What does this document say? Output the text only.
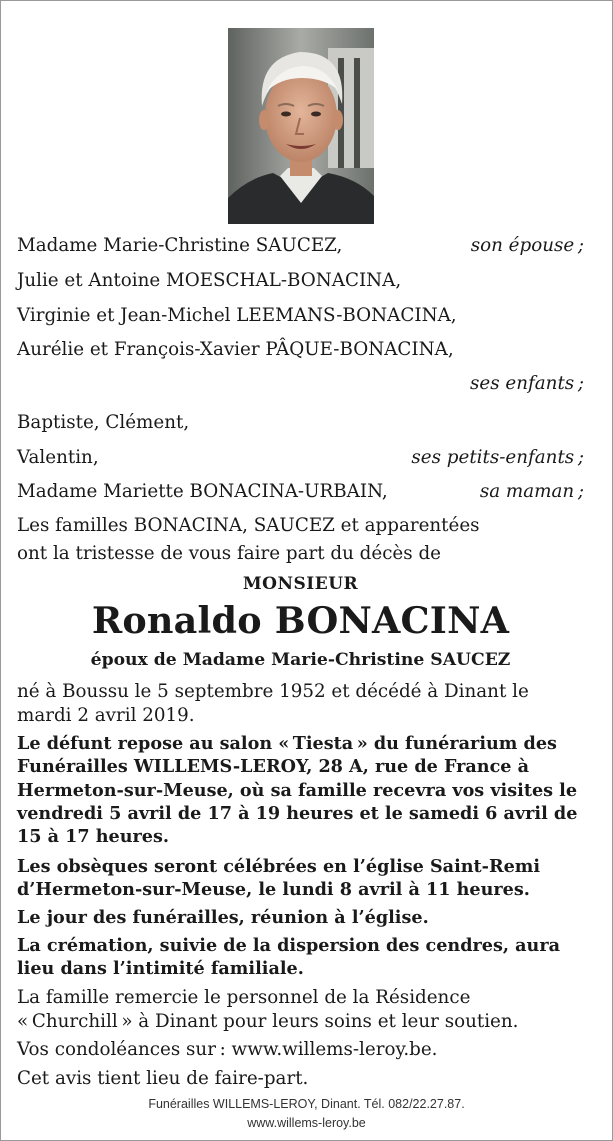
Madame Marie-Christine SAUCEZ,	son épouse ;
Julie et Antoine MOESCHAL-BONACINA,
Virginie et Jean-Michel LEEMANS-BONACINA,
Aurélie et François-Xavier PÂQUE-BONACINA,
ses enfants ;
Baptiste, Clément,
Valentin,	ses petits-enfants ;
Madame Mariette BONACINA-URBAIN,	sa maman ;
Les familles BONACINA, SAUCEZ et apparentées
ont la tristesse de vous faire part du décès de
MONSIEUR
Ronaldo BONACINA
époux de Madame Marie-Christine SAUCEZ
né à Boussu le 5 septembre 1952 et décédé à Dinant le mardi 2 avril 2019.
Le défunt repose au salon « Tiesta » du funérarium des Funérailles WILLEMS-LEROY, 28 A, rue de France à Hermeton-sur-Meuse, où sa famille recevra vos visites le vendredi 5 avril de 17 à 19 heures et le samedi 6 avril de 15 à 17 heures.
Les obsèques seront célébrées en l’église Saint-Remi d’Hermeton-sur-Meuse, le lundi 8 avril à 11 heures.
Le jour des funérailles, réunion à l’église.
La crémation, suivie de la dispersion des cendres, aura lieu dans l’intimité familiale.
La famille remercie le personnel de la Résidence « Churchill » à Dinant pour leurs soins et leur soutien.
Vos condoléances sur : www.willems-leroy.be.
Cet avis tient lieu de faire-part.
Funérailles WILLEMS-LEROY, Dinant. Tél. 082/22.27.87.
www.willems-leroy.be
